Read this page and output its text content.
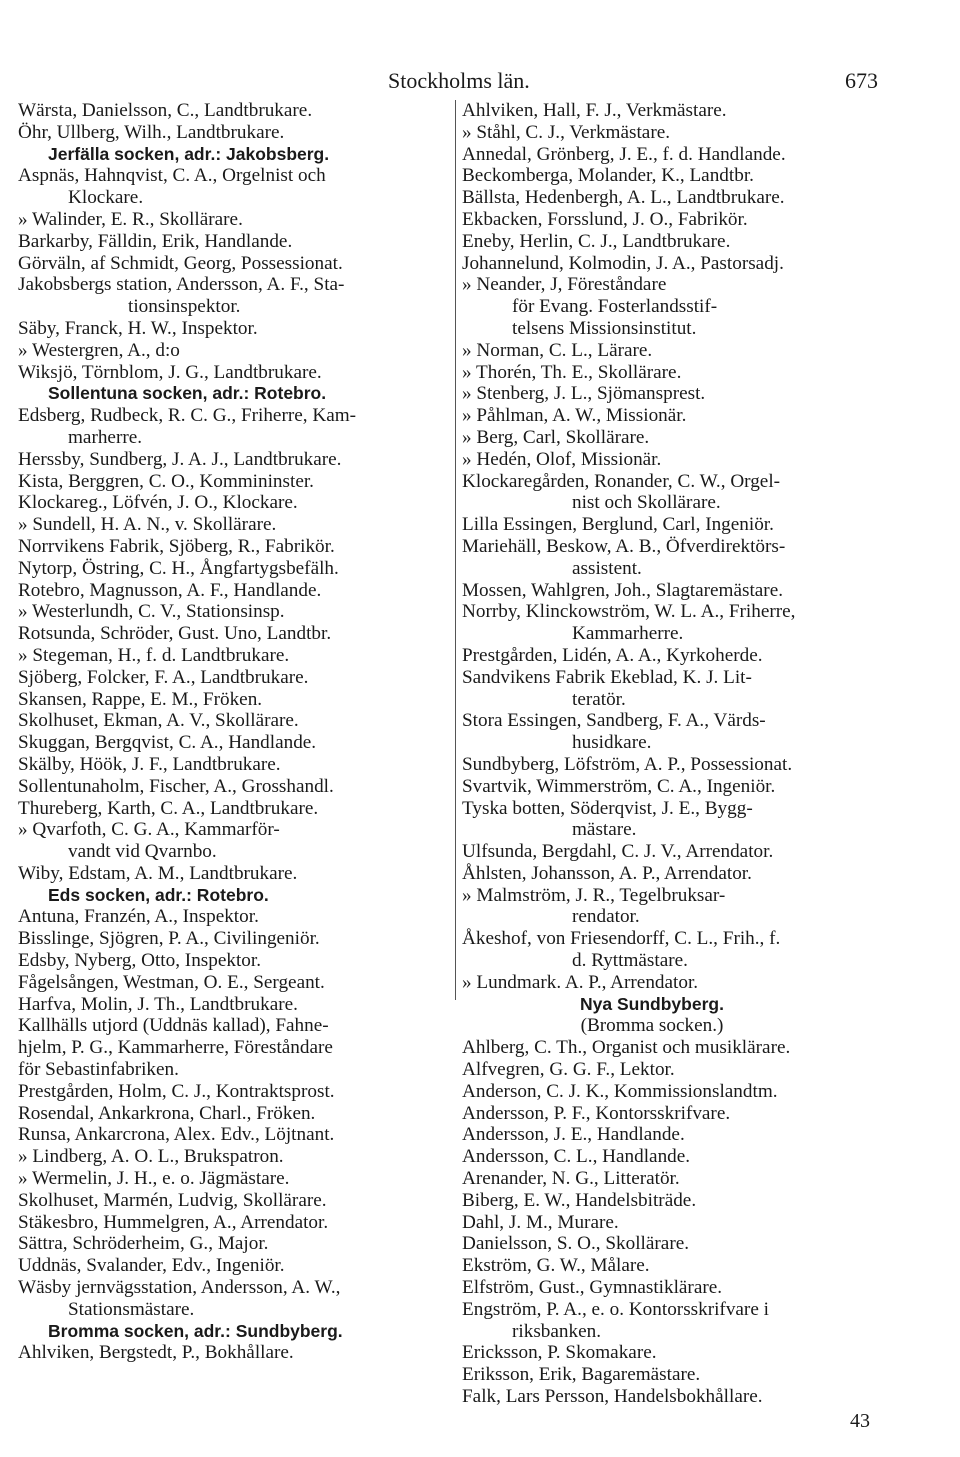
Stockholms län.	673
Wärsta, Danielsson, C., Landtbrukare.
Öhr, Ullberg, Wilh., Landtbrukare.
Jerfälla socken, adr.: Jakobsberg.
Aspnäs, Hahnqvist, C. A., Orgelnist och
Klockare.
» Walinder, E. R., Skollärare.
Barkarby, Fälldin, Erik, Handlande.
Görväln, af Schmidt, Georg, Possessionat.
Jakobsbergs station, Andersson, A. F., Sta-
tionsinspektor.
Säby, Franck, H. W., Inspektor.
» Westergren, A., d:o
Wiksjö, Törnblom, J. G., Landtbrukare.
Sollentuna socken, adr.: Rotebro.
Edsberg, Rudbeck, R. C. G., Friherre, Kam-
marherre.
Herssby, Sundberg, J. A. J., Landtbrukare.
Kista, Berggren, C. O., Kommininster.
Klockareg., Löfvén, J. O., Klockare.
» Sundell, H. A. N., v. Skollärare.
Norrvikens Fabrik, Sjöberg, R., Fabrikör.
Nytorp, Östring, C. H., Ångfartygsbefälh.
Rotebro, Magnusson, A. F., Handlande.
» Westerlundh, C. V., Stationsinsp.
Rotsunda, Schröder, Gust. Uno, Landtbr.
» Stegeman, H., f. d. Landtbrukare.
Sjöberg, Folcker, F. A., Landtbrukare.
Skansen, Rappe, E. M., Fröken.
Skolhuset, Ekman, A. V., Skollärare.
Skuggan, Bergqvist, C. A., Handlande.
Skälby, Höök, J. F., Landtbrukare.
Sollentunaholm, Fischer, A., Grosshandl.
Thureberg, Karth, C. A., Landtbrukare.
» Qvarfoth, C. G. A., Kammarför-
vandt vid Qvarnbo.
Wiby, Edstam, A. M., Landtbrukare.
Eds socken, adr.: Rotebro.
Antuna, Franzén, A., Inspektor.
Bisslinge, Sjögren, P. A., Civilingeniör.
Edsby, Nyberg, Otto, Inspektor.
Fågelsången, Westman, O. E., Sergeant.
Harfva, Molin, J. Th., Landtbrukare.
Kallhälls utjord (Uddnäs kallad), Fahne-
hjelm, P. G., Kammarherre, Föreståndare
för Sebastinfabriken.
Prestgården, Holm, C. J., Kontraktsprost.
Rosendal, Ankarkrona, Charl., Fröken.
Runsa, Ankarcrona, Alex. Edv., Löjtnant.
» Lindberg, A. O. L., Brukspatron.
» Wermelin, J. H., e. o. Jägmästare.
Skolhuset, Marmén, Ludvig, Skollärare.
Stäkesbro, Hummelgren, A., Arrendator.
Sättra, Schröderheim, G., Major.
Uddnäs, Svalander, Edv., Ingeniör.
Wäsby jernvägsstation, Andersson, A. W.,
Stationsmästare.
Bromma socken, adr.: Sundbyberg.
Ahlviken, Bergstedt, P., Bokhållare.
Ahlviken, Hall, F. J., Verkmästare.
» Ståhl, C. J., Verkmästare.
Annedal, Grönberg, J. E., f. d. Handlande.
Beckomberga, Molander, K., Landtbr.
Bällsta, Hedenbergh, A. L., Landtbrukare.
Ekbacken, Forsslund, J. O., Fabrikör.
Eneby, Herlin, C. J., Landtbrukare.
Johannelund, Kolmodin, J. A., Pastorsadj.
» Neander, J, Föreståndare
för Evang. Fosterlandsstif-
telsens Missionsinstitut.
» Norman, C. L., Lärare.
» Thorén, Th. E., Skollärare.
» Stenberg, J. L., Sjömansprest.
» Påhlman, A. W., Missionär.
» Berg, Carl, Skollärare.
» Hedén, Olof, Missionär.
Klockaregården, Ronander, C. W., Orgel-
nist och Skollärare.
Lilla Essingen, Berglund, Carl, Ingeniör.
Mariehäll, Beskow, A. B., Öfverdirektörs-
assistent.
Mossen, Wahlgren, Joh., Slagtaremästare.
Norrby, Klinckowström, W. L. A., Friherre,
Kammarherre.
Prestgården, Lidén, A. A., Kyrkoherde.
Sandvikens Fabrik Ekeblad, K. J. Lit-
teratör.
Stora Essingen, Sandberg, F. A., Värds-
husidkare.
Sundbyberg, Löfström, A. P., Possessionat.
Svartvik, Wimmerström, C. A., Ingeniör.
Tyska botten, Söderqvist, J. E., Bygg-
mästare.
Ulfsunda, Bergdahl, C. J. V., Arrendator.
Åhlsten, Johansson, A. P., Arrendator.
» Malmström, J. R., Tegelbruksar-
rendator.
Åkeshof, von Friesendorff, C. L., Frih., f.
d. Ryttmästare.
» Lundmark. A. P., Arrendator.
Nya Sundbyberg.
(Bromma socken.)
Ahlberg, C. Th., Organist och musiklärare.
Alfvegren, G. G. F., Lektor.
Anderson, C. J. K., Kommissionslandtm.
Andersson, P. F., Kontorsskrifvare.
Andersson, J. E., Handlande.
Andersson, C. L., Handlande.
Arenander, N. G., Litteratör.
Biberg, E. W., Handelsbiträde.
Dahl, J. M., Murare.
Danielsson, S. O., Skollärare.
Ekström, G. W., Målare.
Elfström, Gust., Gymnastiklärare.
Engström, P. A., e. o. Kontorsskrifvare i
riksbanken.
Ericksson, P. Skomakare.
Eriksson, Erik, Bagaremästare.
Falk, Lars Persson, Handelsbokhållare.
43
